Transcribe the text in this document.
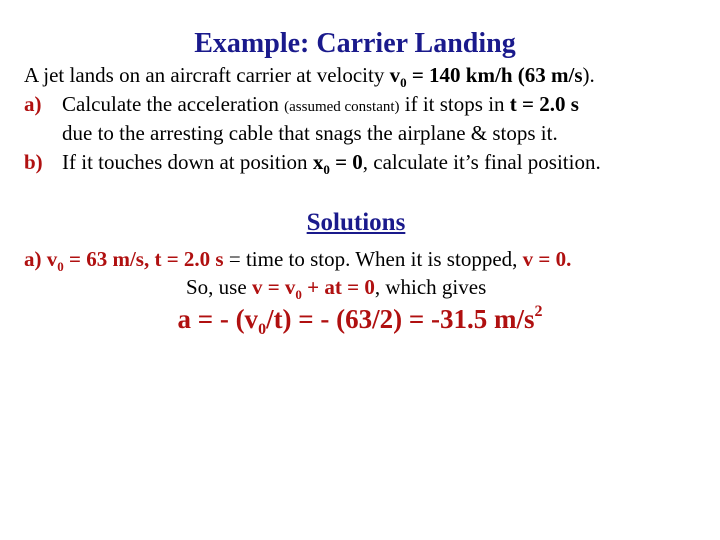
Example: Carrier Landing
A jet lands on an aircraft carrier at velocity $v_0 = 140$ km/h (63 m/s).
a) Calculate the acceleration (assumed constant) if it stops in t = 2.0 s
due to the arresting cable that snags the airplane & stops it.
b) If it touches down at position $x_0 = 0$, calculate it’s final position.
Solutions
a) $v_0 = 63$ m/s, t = 2.0 s = time to stop. When it is stopped, v = 0.
So, use $v = v_0$ + at = 0, which gives
a = - $(v_0/t)$ = - (63/2) = -31.5 $m/s^2$
